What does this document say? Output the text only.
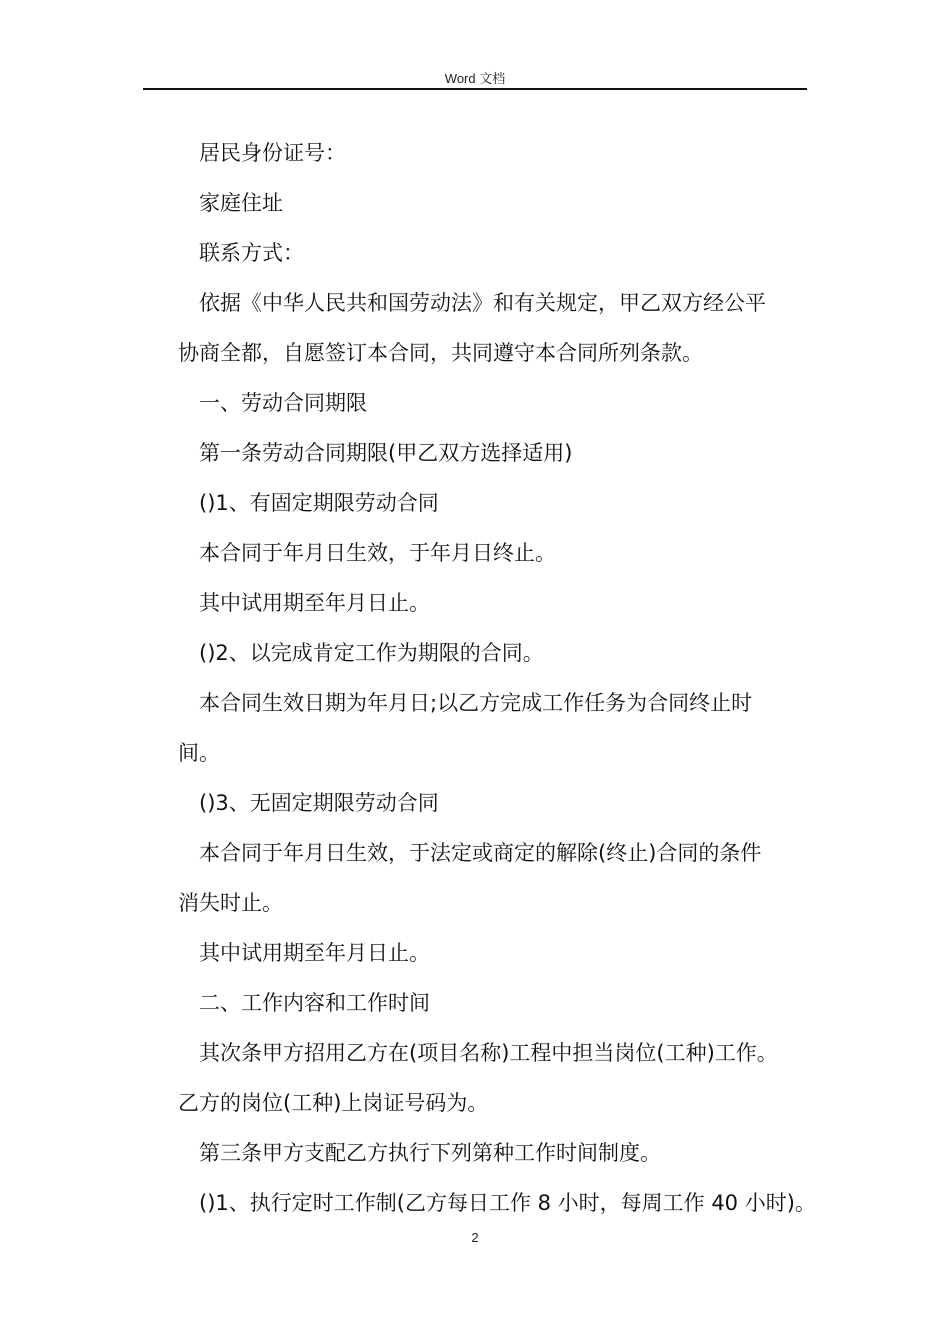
Word 文档
居民身份证号：
家庭住址
联系方式：
依据《中华人民共和国劳动法》和有关规定，甲乙双方经公平
协商全都，自愿签订本合同，共同遵守本合同所列条款。
一、劳动合同期限
第一条劳动合同期限(甲乙双方选择适用)
()1、有固定期限劳动合同
本合同于年月日生效，于年月日终止。
其中试用期至年月日止。
()2、以完成肯定工作为期限的合同。
本合同生效日期为年月日;以乙方完成工作任务为合同终止时
间。
()3、无固定期限劳动合同
本合同于年月日生效，于法定或商定的解除(终止)合同的条件
消失时止。
其中试用期至年月日止。
二、工作内容和工作时间
其次条甲方招用乙方在(项目名称)工程中担当岗位(工种)工作。
乙方的岗位(工种)上岗证号码为。
第三条甲方支配乙方执行下列第种工作时间制度。
()1、执行定时工作制(乙方每日工作 8 小时，每周工作 40 小时)。
2
